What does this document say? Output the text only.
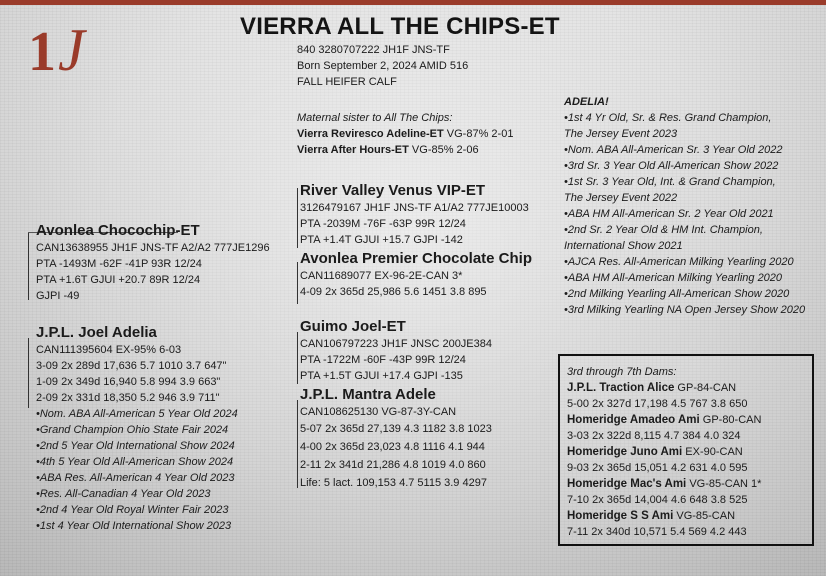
1J	VIERRA ALL THE CHIPS-ET
840 3280707222 JH1F JNS-TF
Born September 2, 2024 AMID 516
FALL HEIFER CALF
Maternal sister to All The Chips:
Vierra Reviresco Adeline-ET VG-87% 2-01
Vierra After Hours-ET VG-85% 2-06
Avonlea Chocochip-ET
CAN13638955 JH1F JNS-TF A2/A2 777JE1296
PTA -1493M -62F -41P 93R 12/24
PTA +1.6T GJUI +20.7 89R 12/24
GJPI -49
River Valley Venus VIP-ET
3126479167 JH1F JNS-TF A1/A2 777JE10003
PTA -2039M -76F -63P 99R 12/24
PTA +1.4T GJUI +15.7 GJPI -142
Avonlea Premier Chocolate Chip
CAN11689077 EX-96-2E-CAN 3*
4-09 2x 365d 25,986 5.6 1451 3.8 895
J.P.L. Joel Adelia
CAN111395604 EX-95% 6-03
3-09 2x 289d 17,636 5.7 1010 3.7 647"
1-09 2x 349d 16,940 5.8 994 3.9 663"
2-09 2x 331d 18,350 5.2 946 3.9 711"
•Nom. ABA All-American 5 Year Old 2024
•Grand Champion Ohio State Fair 2024
•2nd 5 Year Old International Show 2024
•4th 5 Year Old All-American Show 2024
•ABA Res. All-American 4 Year Old 2023
•Res. All-Canadian 4 Year Old 2023
•2nd 4 Year Old Royal Winter Fair 2023
•1st 4 Year Old International Show 2023
Guimo Joel-ET
CAN106797223 JH1F JNSC 200JE384
PTA -1722M -60F -43P 99R 12/24
PTA +1.5T GJUI +17.4 GJPI -135
J.P.L. Mantra Adele
CAN108625130 VG-87-3Y-CAN
5-07 2x 365d 27,139 4.3 1182 3.8 1023
4-00 2x 365d 23,023 4.8 1116 4.1 944
2-11 2x 341d 21,286 4.8 1019 4.0 860
Life: 5 lact. 109,153 4.7 5115 3.9 4297
ADELIA!
•1st 4 Yr Old, Sr. & Res. Grand Champion,
The Jersey Event 2023
•Nom. ABA All-American Sr. 3 Year Old 2022
•3rd Sr. 3 Year Old All-American Show 2022
•1st Sr. 3 Year Old, Int. & Grand Champion,
The Jersey Event 2022
•ABA HM All-American Sr. 2 Year Old 2021
•2nd Sr. 2 Year Old & HM Int. Champion,
International Show 2021
•AJCA Res. All-American Milking Yearling 2020
•ABA HM All-American Milking Yearling 2020
•2nd Milking Yearling All-American Show 2020
•3rd Milking Yearling NA Open Jersey Show 2020
3rd through 7th Dams:
J.P.L. Traction Alice GP-84-CAN
5-00 2x 327d 17,198 4.5 767 3.8 650
Homeridge Amadeo Ami GP-80-CAN
3-03 2x 322d 8,115 4.7 384 4.0 324
Homeridge Juno Ami EX-90-CAN
9-03 2x 365d 15,051 4.2 631 4.0 595
Homeridge Mac's Ami VG-85-CAN 1*
7-10 2x 365d 14,004 4.6 648 3.8 525
Homeridge S S Ami VG-85-CAN
7-11 2x 340d 10,571 5.4 569 4.2 443
